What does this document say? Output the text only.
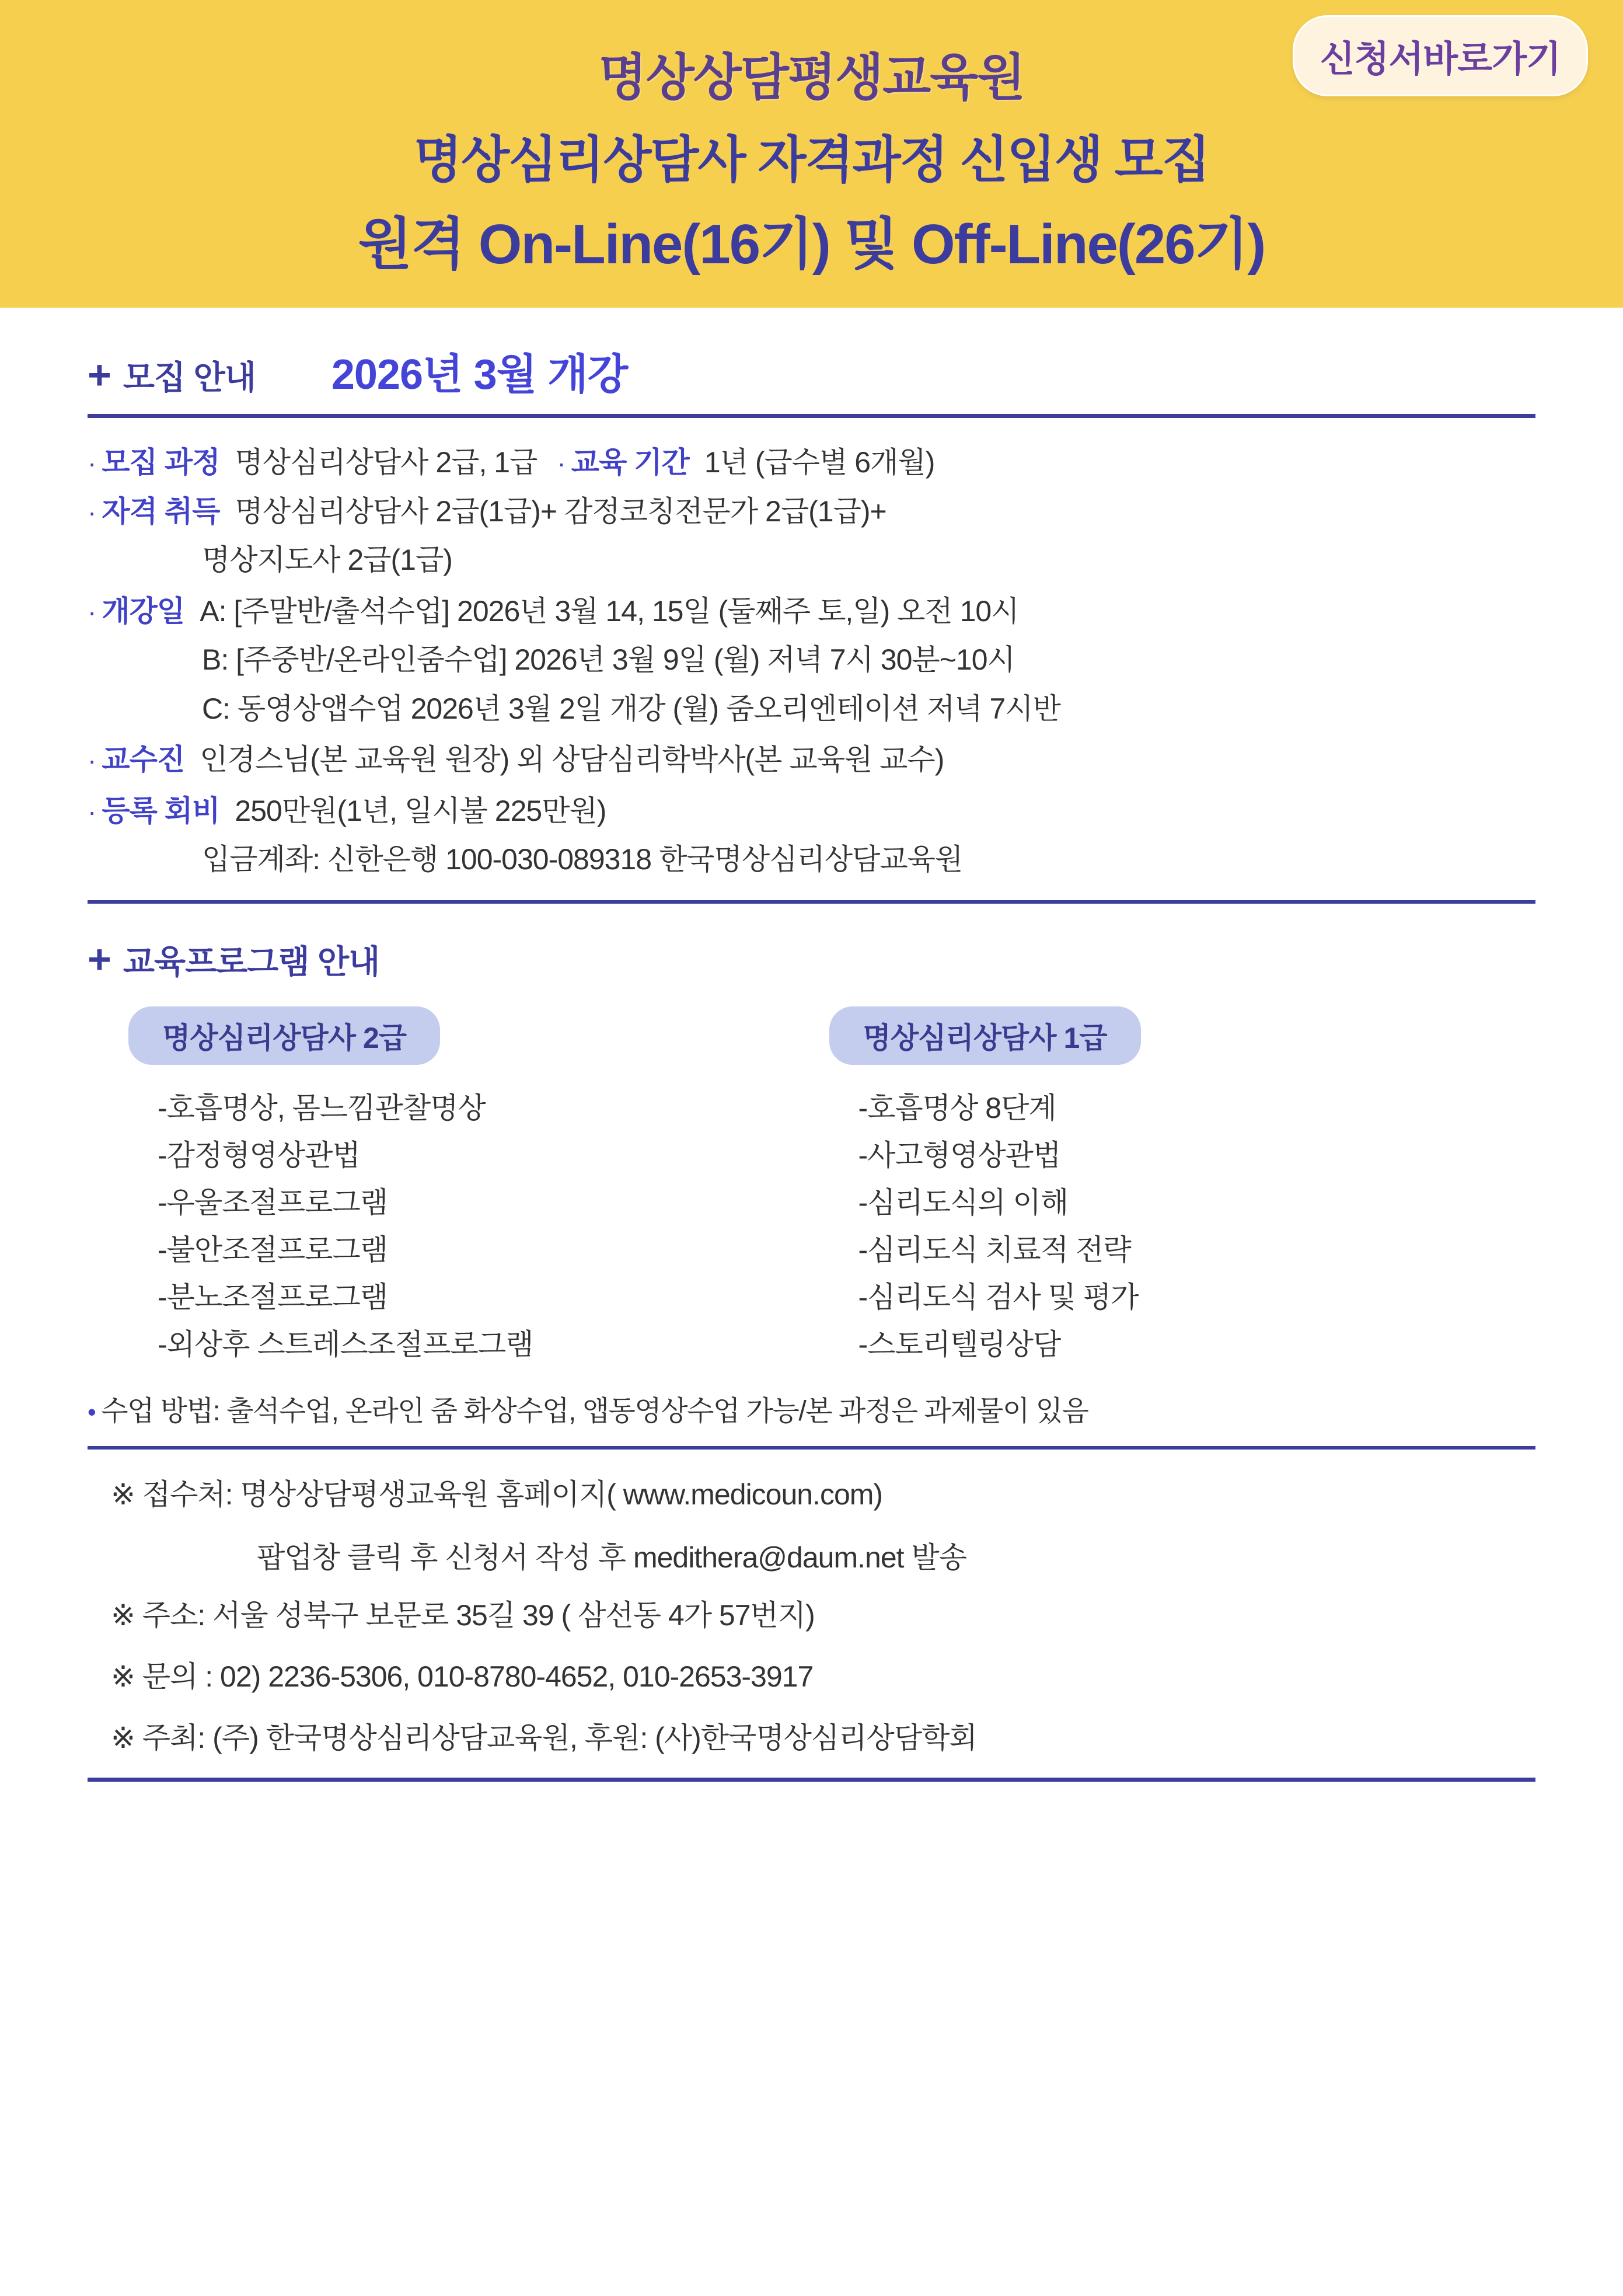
신청서바로가기
명상상담평생교육원
명상심리상담사 자격과정 신입생 모집
원격 On-Line(16기) 및 Off-Line(26기)
+ 모집 안내 2026년 3월 개강
· 모집 과정 명상심리상담사 2급, 1급 · 교육 기간 1년 (급수별 6개월)
· 자격 취득 명상심리상담사 2급(1급)+ 감정코칭전문가 2급(1급)+
명상지도사 2급(1급)
· 개강일 A: [주말반/출석수업] 2026년 3월 14, 15일 (둘째주 토,일) 오전 10시
B: [주중반/온라인줌수업] 2026년 3월 9일 (월) 저녁 7시 30분~10시
C: 동영상앱수업 2026년 3월 2일 개강 (월) 줌오리엔테이션 저녁 7시반
· 교수진 인경스님(본 교육원 원장) 외 상담심리학박사(본 교육원 교수)
· 등록 회비 250만원(1년, 일시불 225만원)
입금계좌: 신한은행 100-030-089318 한국명상심리상담교육원
+ 교육프로그램 안내
명상심리상담사 2급
-호흡명상, 몸느낌관찰명상
-감정형영상관법
-우울조절프로그램
-불안조절프로그램
-분노조절프로그램
-외상후 스트레스조절프로그램
명상심리상담사 1급
-호흡명상 8단계
-사고형영상관법
-심리도식의 이해
-심리도식 치료적 전략
-심리도식 검사 및 평가
-스토리텔링상담
• 수업 방법: 출석수업, 온라인 줌 화상수업, 앱동영상수업 가능/본 과정은 과제물이 있음
※ 접수처: 명상상담평생교육원 홈페이지( www.medicoun.com)
팝업창 클릭 후 신청서 작성 후 medithera@daum.net 발송
※ 주소: 서울 성북구 보문로 35길 39 ( 삼선동 4가 57번지)
※ 문의 : 02) 2236-5306, 010-8780-4652, 010-2653-3917
※ 주최: (주) 한국명상심리상담교육원, 후원: (사)한국명상심리상담학회
